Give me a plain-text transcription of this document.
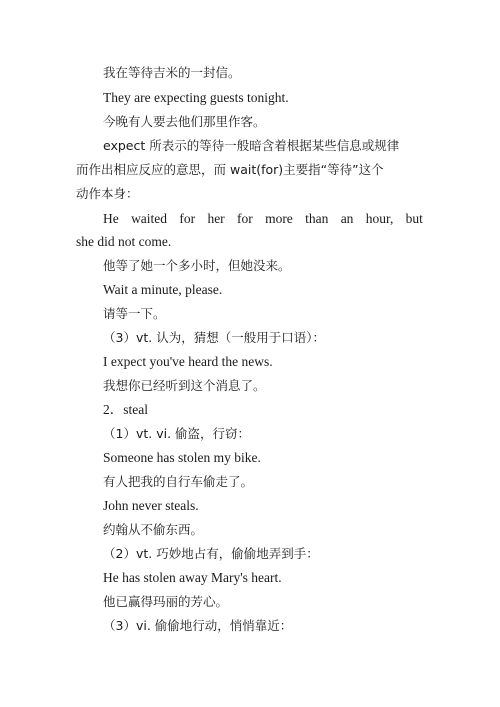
我在等待吉米的一封信。
They are expecting guests tonight.
今晚有人要去他们那里作客。
expect 所表示的等待一般暗含着根据某些信息或规律
而作出相应反应的意思，而 wait(for)主要指“等待”这个
动作本身：
He waited for her for more than an hour, but
she did not come.
他等了她一个多小时，但她没来。
Wait a minute, please.
请等一下。
（3）vt. 认为，猜想（一般用于口语）：
I expect you've heard the news.
我想你已经听到这个消息了。
2．steal
（1）vt. vi. 偷盗，行窃：
Someone has stolen my bike.
有人把我的自行车偷走了。
John never steals.
约翰从不偷东西。
（2）vt. 巧妙地占有，偷偷地弄到手：
He has stolen away Mary's heart.
他已赢得玛丽的芳心。
（3）vi. 偷偷地行动，悄悄靠近：
